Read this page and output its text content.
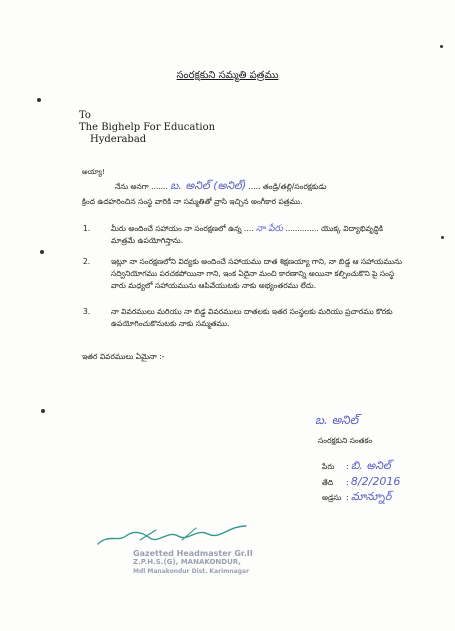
సంరక్షకుని సమ్మతి పత్రము
To
The Bighelp For Education
Hyderabad
అయ్యా!
నేను అనగా ....... బ. అనిల్ (అనిల్) ..... తండ్రి/తల్లి/సంరక్షకుడు
క్రింద ఉదహరించిన సంస్థ వారికి నా సమ్మతితో వ్రాసి ఇచ్చిన అంగీకార పత్రము.
1.	మీరు అందించే సహాయం నా సంరక్షణలో ఉన్న .... నా పేరు .............. యొక్క విద్యాభివృద్ధికి మాత్రమే ఉపయోగిస్తాను.
2.	ఇట్లూ నా సంరక్షణలోని విద్యకు అందించే సహాయము దాత శిక్షణయ్యా గాని, నా బిడ్డ ఆ సహాయమును సద్వినియోగము పరచకపోయినా గాని, ఇంక ఏదైనా మంచి కారణాన్ని అయినా కల్పించుకొని పై సంస్థ వారు మధ్యలో సహాయమును ఆపివేయుటకు నాకు అభ్యంతరము లేదు.
3.	నా వివరములు మరియు నా బిడ్డ వివరములు దాతలకు ఇతర సంస్థలకు మరియు ప్రచారము కొరకు ఉపయోగించుకొనుటకు నాకు సమ్మతము.
ఇతర వివరములు ఏమైనా :-
బ. అనిల్
సంరక్షకుని సంతకం
పేరు : బి. అనిల్
తేది : 8/2/2016
అడ్రసు : మాన్నూర్
Gazetted Headmaster Gr.II
Z.P.H.S.(G), MANAKONDUR,
Mdl Manakondur Dist. Karimnagar
